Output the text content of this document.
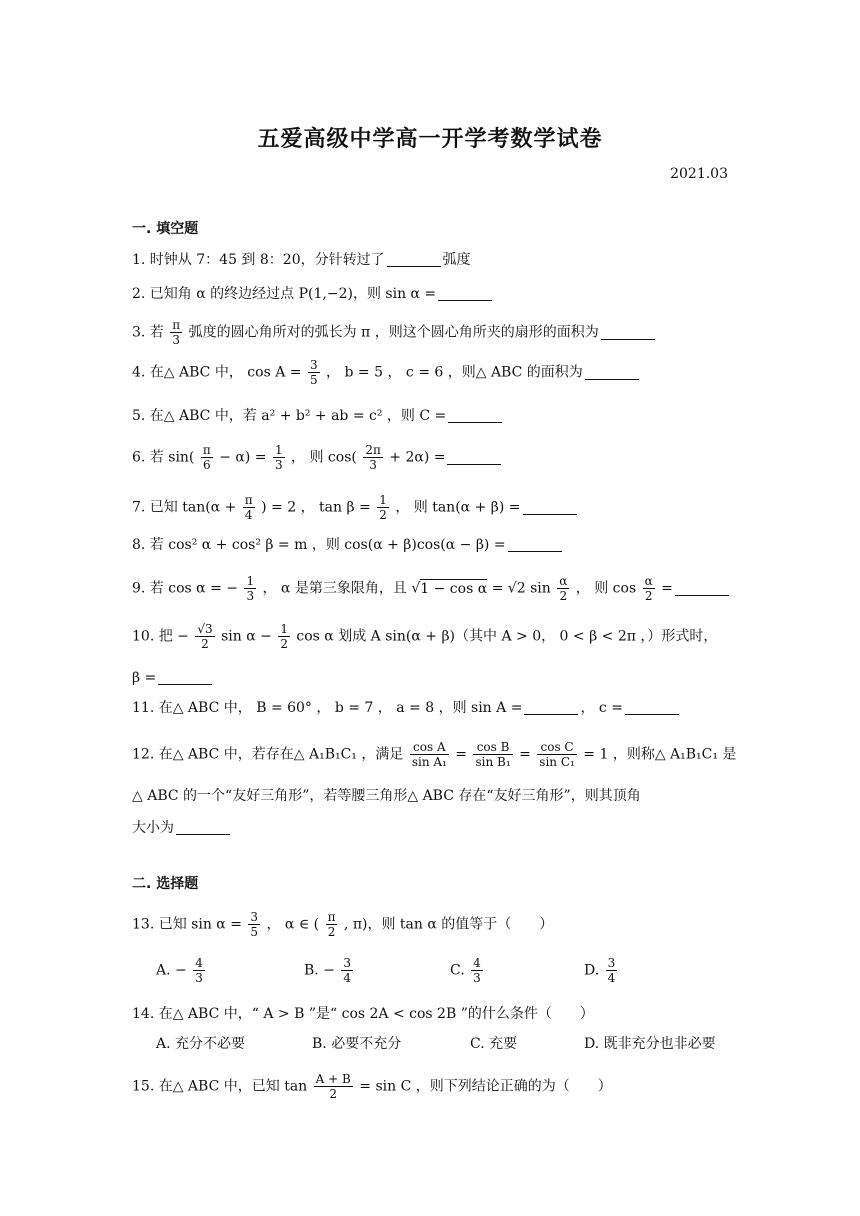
五爱高级中学高一开学考数学试卷
2021.03
一. 填空题
1. 时钟从 7：45 到 8：20，分针转过了	弧度
2. 已知角 α 的终边经过点 P(1,−2)，则 sin α =
3. 若 $\frac{\pi}{3}$ 弧度的圆心角所对的弧长为 π ，则这个圆心角所夹的扇形的面积为
4. 在△ ABC 中， $\cos A = \frac{3}{5}$ ， b = 5 ， c = 6 ，则△ ABC 的面积为
5. 在△ ABC 中，若 a² + b² + ab = c² ，则 C =
6. 若 $\sin( \frac{\pi}{6} - \alpha) = \frac{1}{3}$ ， 则 $\cos( \frac{2\pi}{3} + 2\alpha)$ =
7. 已知 $\tan(\alpha + \frac{\pi}{4}$ ) = 2 ， $\tan \beta = \frac{1}{2}$ ， 则 tan(α + β) =
8. 若 cos² α + cos² β = m ，则 cos(α + β)cos(α − β) =
9. 若 cos α = − $\frac{1}{3}$ ， α 是第三象限角，且 √1 − cos α = √2 $\sin \frac{\alpha}{2}$ ， 则 $\cos \frac{\alpha}{2}$ =
10. 把 − $\frac{√3}{2}$ $\sin \alpha - \frac{1}{2}$ cos α 划成 A sin(α + β)（其中 A > 0， 0 < β < 2π ，）形式时，
β =
11. 在△ ABC 中， B = 60° ， b = 7 ， a = 8 ，则 sin A =	， c =
12. 在△ ABC 中，若存在△ A₁B₁C₁ ，满足 $\frac{\text{cos A}}{\text{sin A₁}} = \frac{\text{cos B}}{\text{sin B₁}} = \frac{\text{cos C}}{\text{sin C₁}} = 1$ ，则称△ A₁B₁C₁ 是
△ ABC 的一个“友好三角形”，若等腰三角形△ ABC 存在“友好三角形”，则其顶角
大小为
二. 选择题
13. 已知 $\sin \alpha = \frac{3}{5}$ ， α ∈ ( $\frac{\pi}{2}$ , π)，则 tan α 的值等于（　　）
A. − $\frac{4}{3}$	B. − $\frac{3}{4}$	C. $\frac{4}{3}$	D. $\frac{3}{4}$
14. 在△ ABC 中，“ A > B ”是“ cos 2A < cos 2B ”的什么条件（　　）
A. 充分不必要	B. 必要不充分	C. 充要	D. 既非充分也非必要
15. 在△ ABC 中，已知 $\tan \frac{A + B}{2} = \sin C$ ，则下列结论正确的为（　　）
